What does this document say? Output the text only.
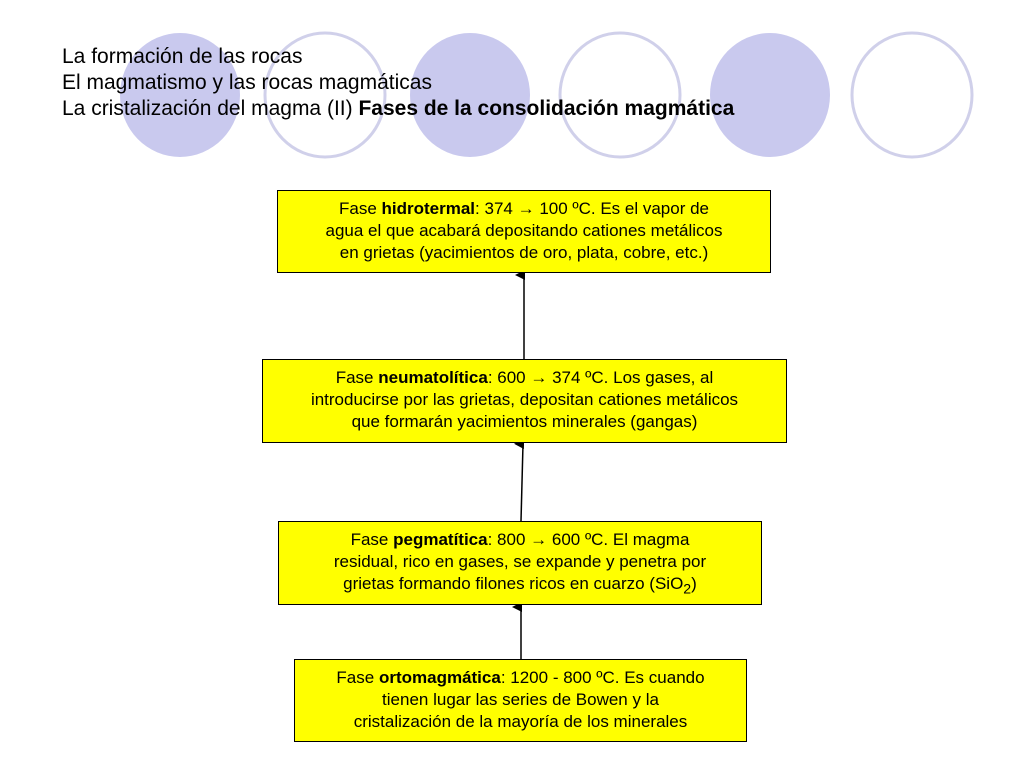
La formación de las rocas
El magmatismo y las rocas magmáticas
La cristalización del magma (II) Fases de la consolidación magmática
Fase hidrotermal: 374 → 100 ºC. Es el vapor de
agua el que acabará depositando cationes metálicos
en grietas (yacimientos de oro, plata, cobre, etc.)
Fase neumatolítica: 600 → 374 ºC. Los gases, al
introducirse por las grietas, depositan cationes metálicos
que formarán yacimientos minerales (gangas)
Fase pegmatítica: 800 → 600 ºC. El magma
residual, rico en gases, se expande y penetra por
grietas formando filones ricos en cuarzo (SiO$_2$)
Fase ortomagmática: 1200 - 800 ºC. Es cuando
tienen lugar las series de Bowen y la
cristalización de la mayoría de los minerales
